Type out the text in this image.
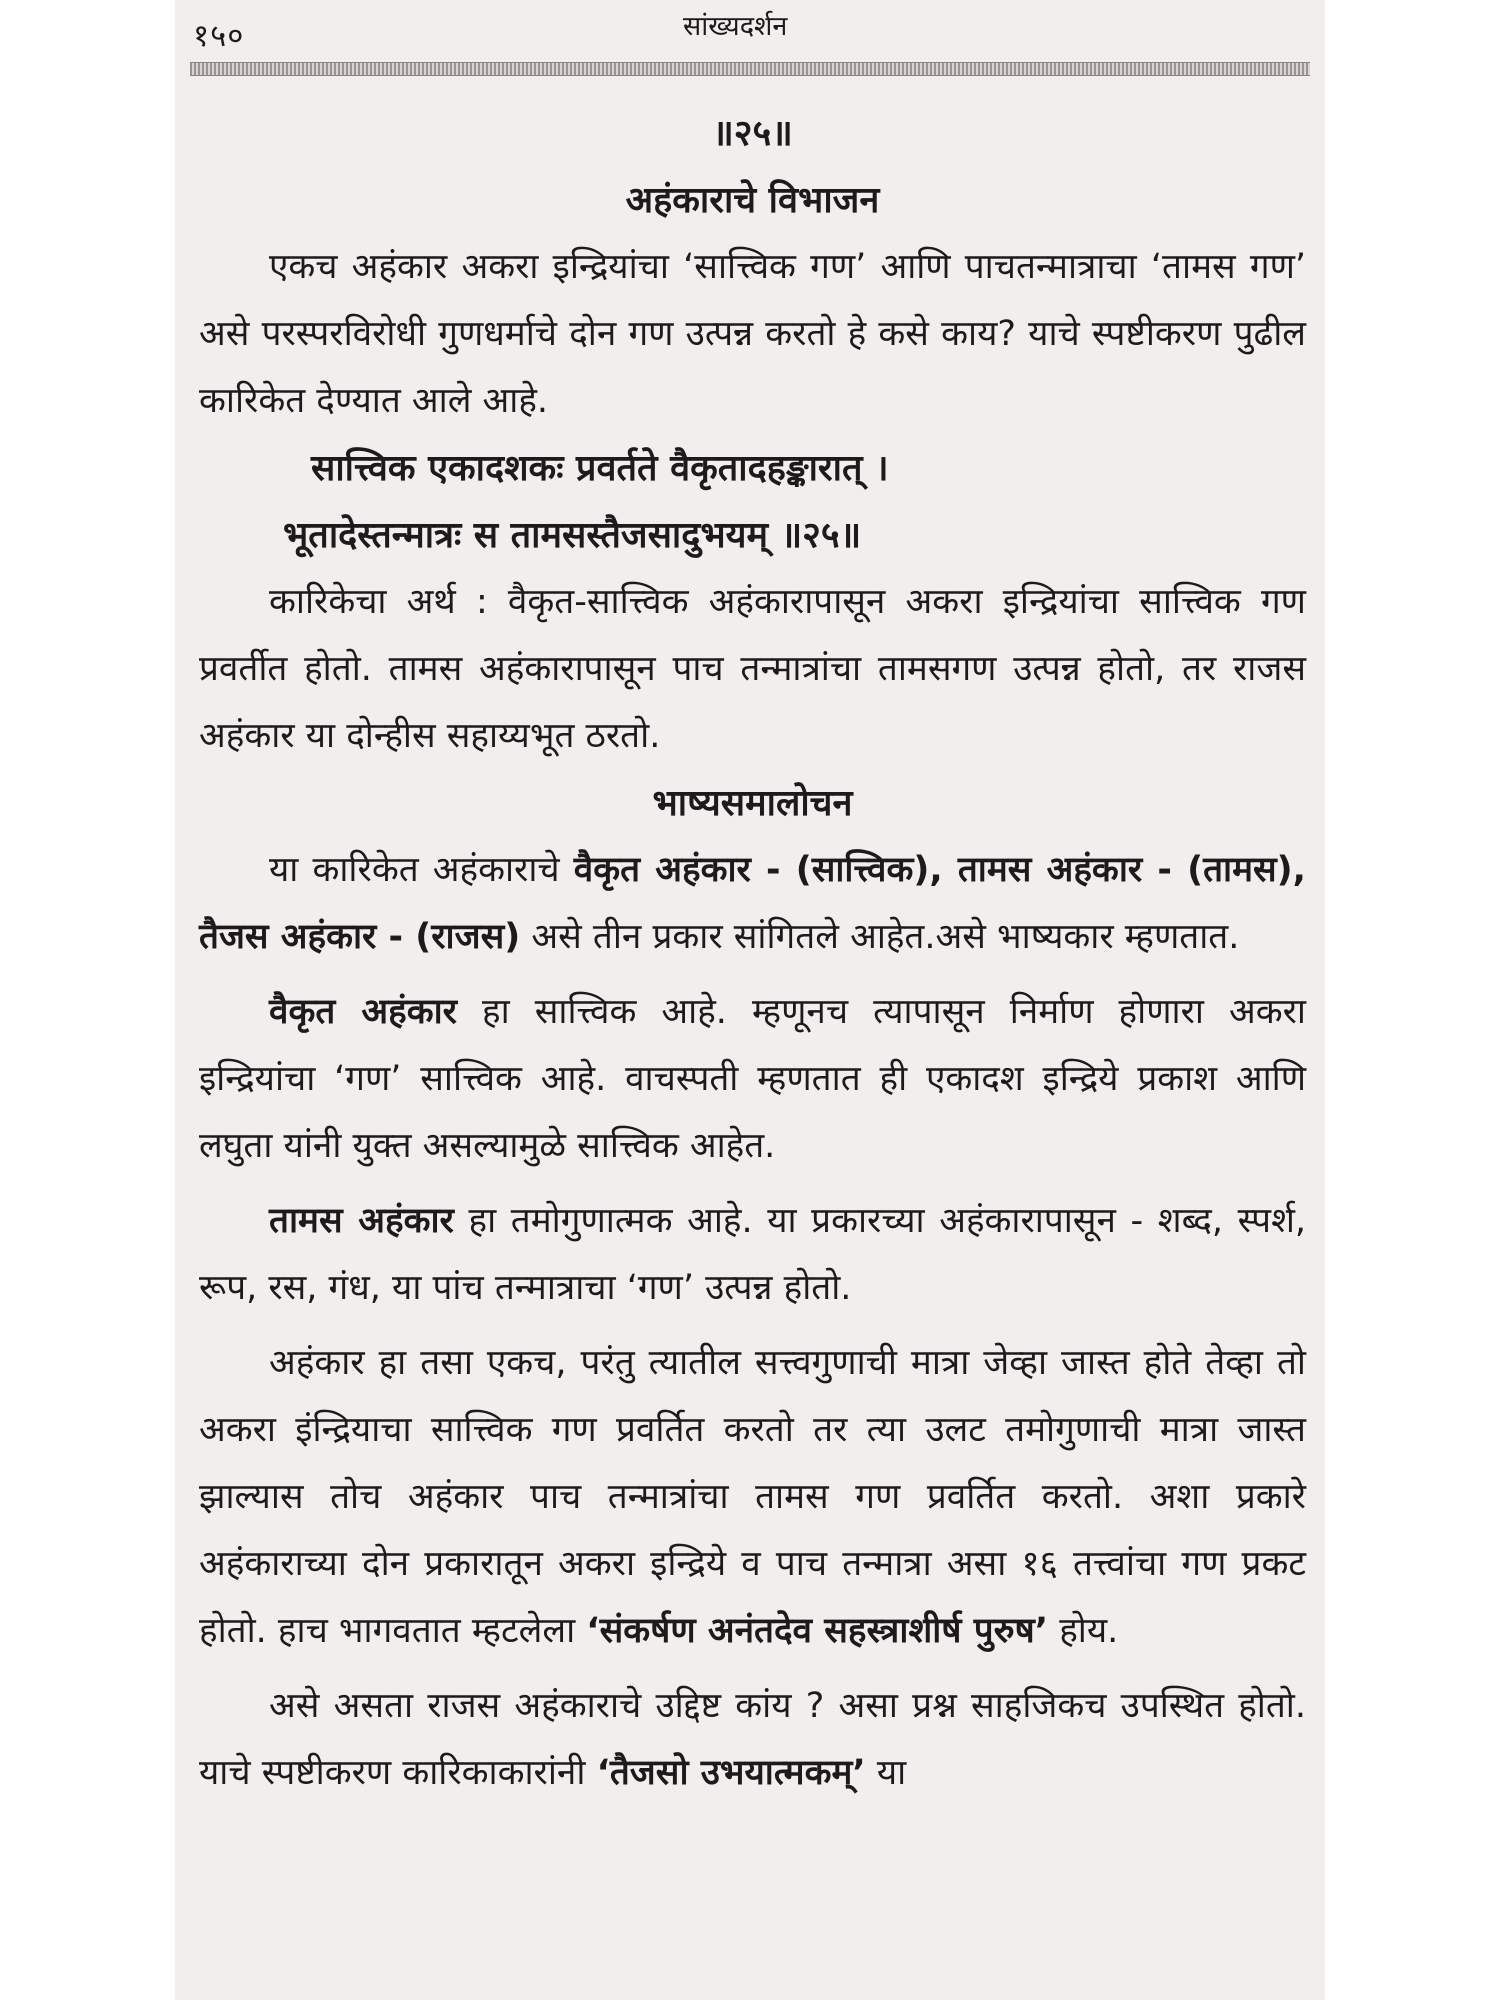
१५०	सांख्यदर्शन
॥२५॥
अहंकाराचे विभाजन

एकच अहंकार अकरा इन्द्रियांचा ‘सात्त्विक गण’ आणि पाचतन्मात्राचा ‘तामस गण’ असे परस्परविरोधी गुणधर्माचे दोन गण उत्पन्न करतो हे कसे काय? याचे स्पष्टीकरण पुढील कारिकेत देण्यात आले आहे.

सात्त्विक एकादशकः प्रवर्तते वैकृतादहङ्कारात् ।
भूतादेस्तन्मात्रः स तामसस्तैजसादुभयम् ॥२५॥

कारिकेचा अर्थ : वैकृत-सात्त्विक अहंकारापासून अकरा इन्द्रियांचा सात्त्विक गण प्रवर्तीत होतो. तामस अहंकारापासून पाच तन्मात्रांचा तामसगण उत्पन्न होतो, तर राजस अहंकार या दोन्हीस सहाय्यभूत ठरतो.

भाष्यसमालोचन

या कारिकेत अहंकाराचे वैकृत अहंकार - (सात्त्विक), तामस अहंकार - (तामस), तैजस अहंकार - (राजस) असे तीन प्रकार सांगितले आहेत.असे भाष्यकार म्हणतात.

वैकृत अहंकार हा सात्त्विक आहे. म्हणूनच त्यापासून निर्माण होणारा अकरा इन्द्रियांचा ‘गण’ सात्त्विक आहे. वाचस्पती म्हणतात ही एकादश इन्द्रिये प्रकाश आणि लघुता यांनी युक्त असल्यामुळे सात्त्विक आहेत.

तामस अहंकार हा तमोगुणात्मक आहे. या प्रकारच्या अहंकारापासून - शब्द, स्पर्श, रूप, रस, गंध, या पांच तन्मात्राचा ‘गण’ उत्पन्न होतो.

अहंकार हा तसा एकच, परंतु त्यातील सत्त्वगुणाची मात्रा जेव्हा जास्त होते तेव्हा तो अकरा इंन्द्रियाचा सात्त्विक गण प्रवर्तित करतो तर त्या उलट तमोगुणाची मात्रा जास्त झाल्यास तोच अहंकार पाच तन्मात्रांचा तामस गण प्रवर्तित करतो. अशा प्रकारे अहंकाराच्या दोन प्रकारातून अकरा इन्द्रिये व पाच तन्मात्रा असा १६ तत्त्वांचा गण प्रकट होतो. हाच भागवतात म्हटलेला ‘संकर्षण अनंतदेव सहस्त्राशीर्ष पुरुष’ होय.

असे असता राजस अहंकाराचे उद्दिष्ट कांय ? असा प्रश्न साहजिकच उपस्थित होतो. याचे स्पष्टीकरण कारिकाकारांनी ‘तैजसो उभयात्मकम्’ या
